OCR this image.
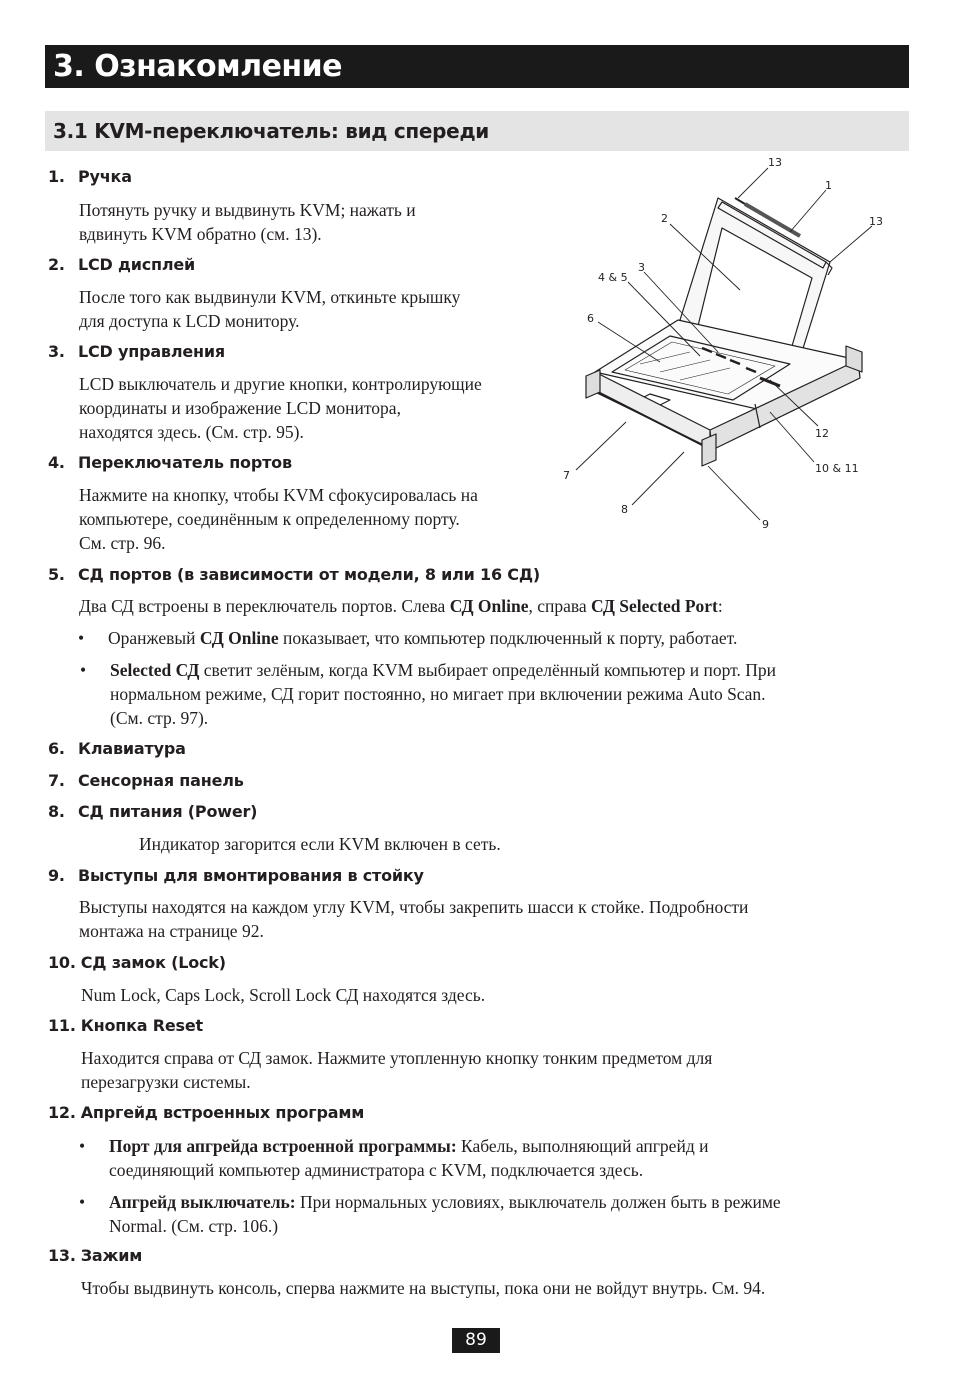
3. Ознакомление
3.1 KVM-переключатель: вид спереди
1. Ручка
Потянуть ручку и выдвинуть KVM; нажать и
вдвинуть KVM обратно (см. 13).
2. LCD дисплей
После того как выдвинули KVM, откиньте крышку
для доступа к LCD монитору.
3. LCD управления
LCD выключатель и другие кнопки, контролирующие
координаты и изображение LCD монитора,
находятся здесь. (См. стр. 95).
4. Переключатель портов
Нажмите на кнопку, чтобы KVM сфокусировалась на
компьютере, соединённым к определенному порту.
См. стр. 96.
5. СД портов (в зависимости от модели, 8 или 16 СД)
Два СД встроены в переключатель портов. Слева СД Online, справа СД Selected Port:
• Оранжевый СД Online показывает, что компьютер подключенный к порту, работает.
• Selected СД светит зелёным, когда KVM выбирает определённый компьютер и порт. При
нормальном режиме, СД горит постоянно, но мигает при включении режима Auto Scan.
(См. стр. 97).
6. Клавиатура
7. Сенсорная панель
8. СД питания (Power)
Индикатор загорится если KVM включен в сеть.
9. Выступы для вмонтирования в стойку
Выступы находятся на каждом углу KVM, чтобы закрепить шасси к стойке. Подробности
монтажа на странице 92.
10. СД замок (Lock)
Num Lock, Caps Lock, Scroll Lock СД находятся здесь.
11. Кнопка Reset
Находится справа от СД замок. Нажмите утопленную кнопку тонким предметом для
перезагрузки системы.
12. Апргейд встроенных программ
• Порт для апгрейда встроенной программы: Кабель, выполняющий апгрейд и
соединяющий компьютер администратора с KVM, подключается здесь.
• Апгрейд выключатель: При нормальных условиях, выключатель должен быть в режиме
Normal. (См. стр. 106.)
13. Зажим
Чтобы выдвинуть консоль, сперва нажмите на выступы, пока они не войдут внутрь. См. 94.
13
1
2	13
3
4 & 5
6
12
10 & 11
7
8
9
89
